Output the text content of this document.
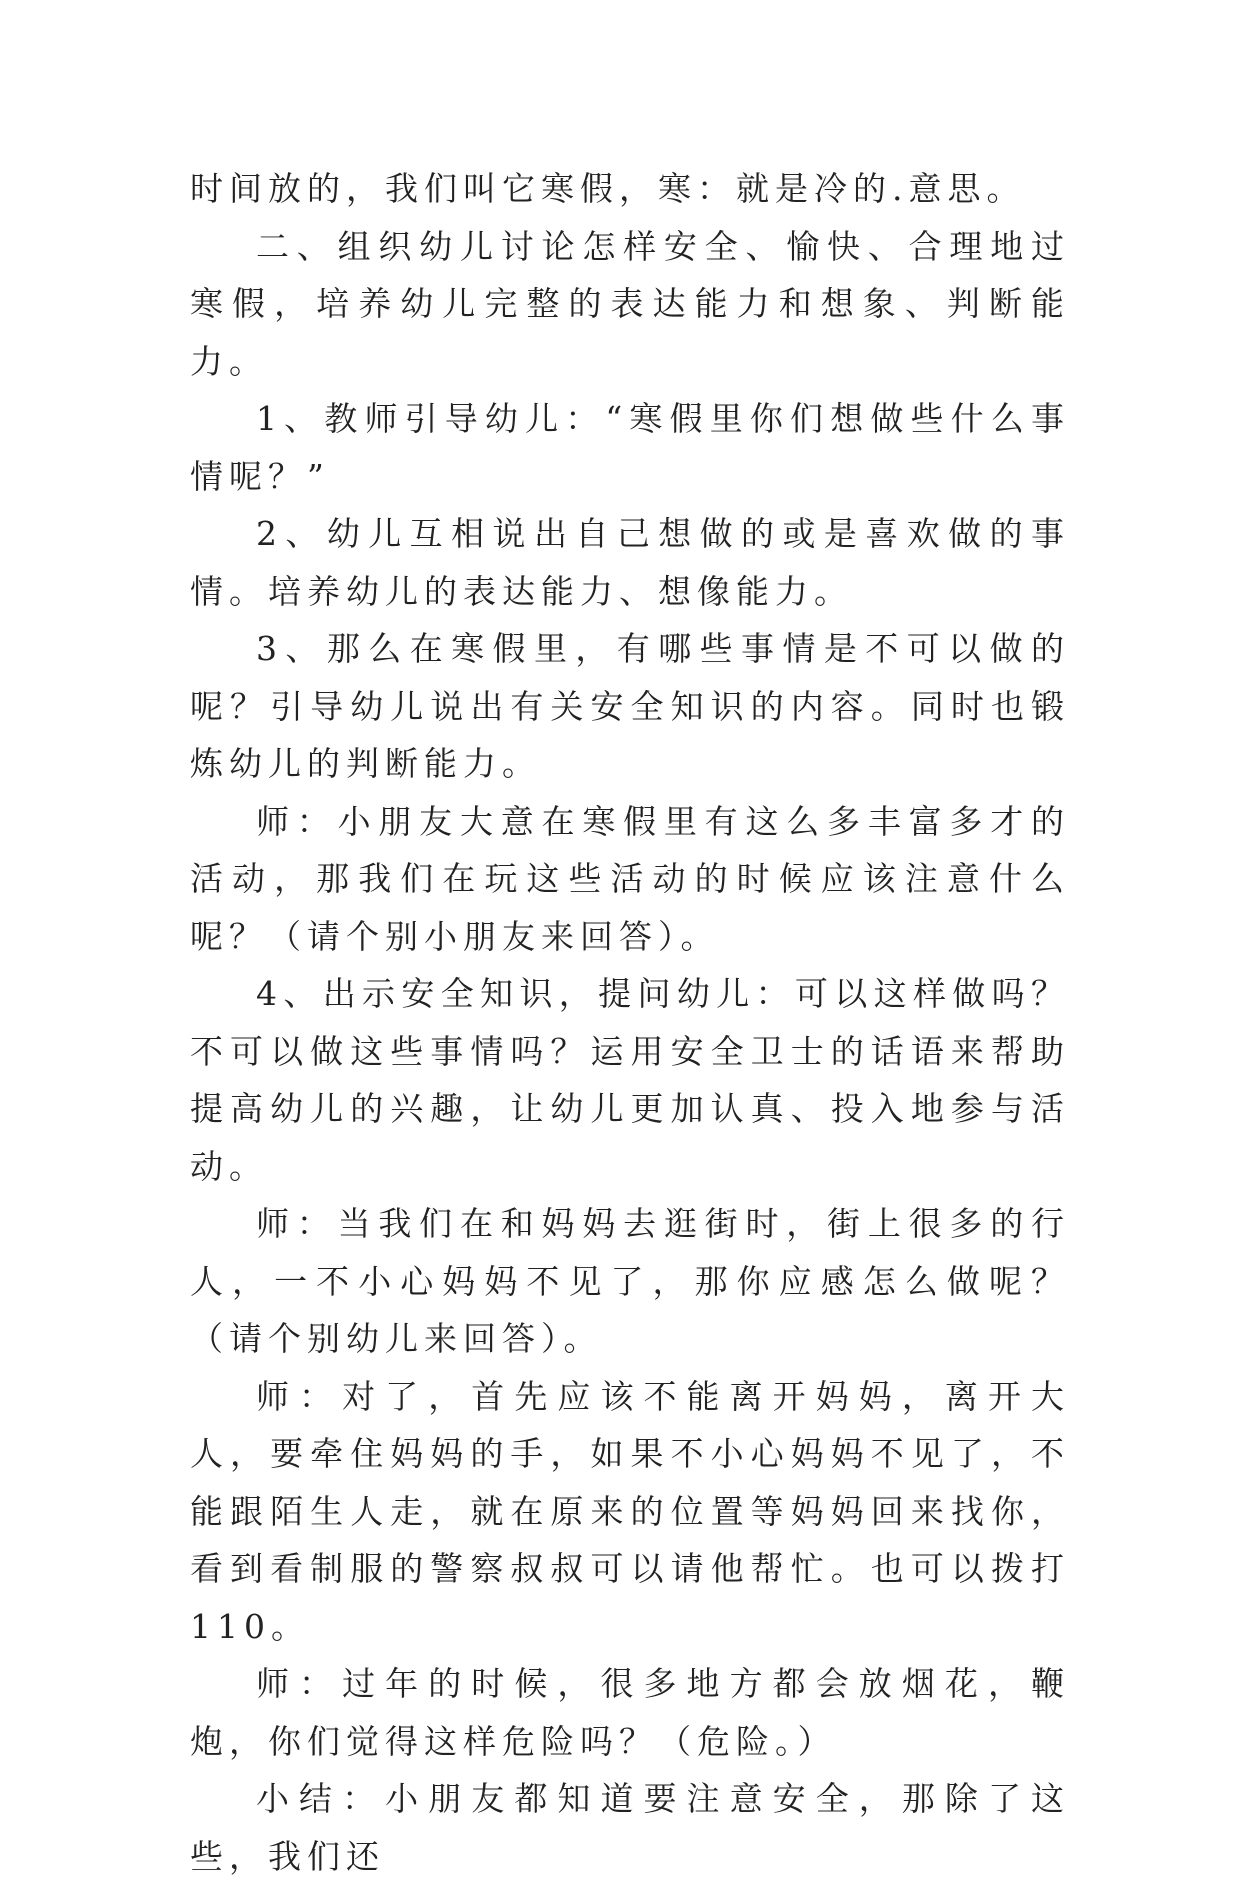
时间放的，我们叫它寒假，寒：就是冷的.意思。

二、组织幼儿讨论怎样安全、愉快、合理地过寒假，培养幼儿完整的表达能力和想象、判断能力。

1、教师引导幼儿：“寒假里你们想做些什么事情呢？”

2、幼儿互相说出自己想做的或是喜欢做的事情。培养幼儿的表达能力、想像能力。

3、那么在寒假里，有哪些事情是不可以做的呢？引导幼儿说出有关安全知识的内容。同时也锻炼幼儿的判断能力。

师：小朋友大意在寒假里有这么多丰富多才的活动，那我们在玩这些活动的时候应该注意什么呢？（请个别小朋友来回答）。

4、出示安全知识，提问幼儿：可以这样做吗？不可以做这些事情吗？运用安全卫士的话语来帮助提高幼儿的兴趣，让幼儿更加认真、投入地参与活动。

师：当我们在和妈妈去逛街时，街上很多的行人，一不小心妈妈不见了，那你应感怎么做呢？（请个别幼儿来回答）。

师：对了，首先应该不能离开妈妈，离开大人，要牵住妈妈的手，如果不小心妈妈不见了，不能跟陌生人走，就在原来的位置等妈妈回来找你，看到看制服的警察叔叔可以请他帮忙。也可以拨打 110。

师：过年的时候，很多地方都会放烟花，鞭炮，你们觉得这样危险吗？（危险。）

小结：小朋友都知道要注意安全，那除了这些，我们还
